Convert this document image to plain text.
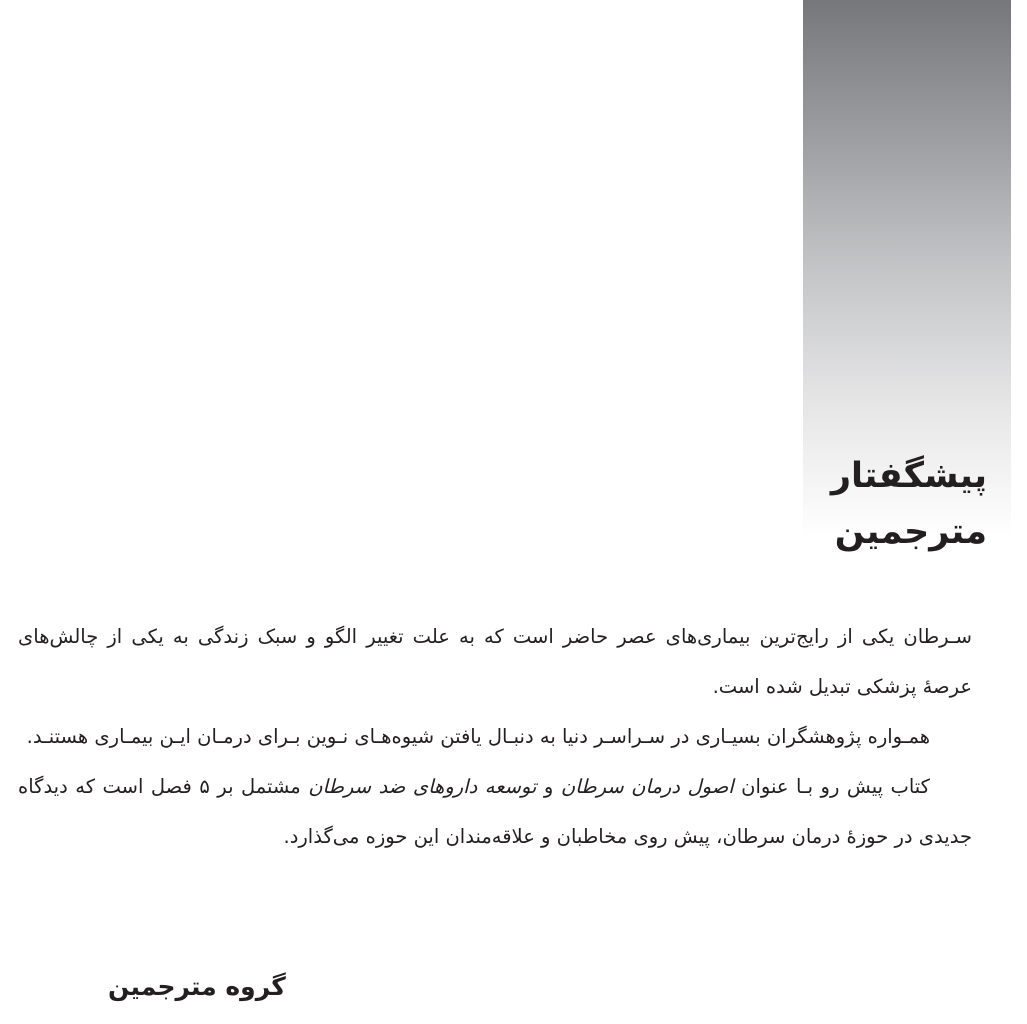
پیشگفتار
مترجمین

سـرطان یکی از رایج‌ترین بیماری‌های عصر حاضر است که به علت تغییر الگو و سبک زندگی به یکی از چالش‌های عرصهٔ پزشکی تبدیل شده است.

همـواره پژوهشگران بسیـاری در سـراسـر دنیا به دنبـال یافتن شیوه‌هـای نـوین بـرای درمـان ایـن بیمـاری هستنـد.

کتاب پیش رو بـا عنوان اصول درمان سرطان و توسعه داروهای ضد سرطان مشتمل بر ۵ فصل است که دیدگاه جدیدی در حوزهٔ درمان سرطان، پیش روی مخاطبان و علاقه‌مندان این حوزه می‌گذارد.

گروه مترجمین
